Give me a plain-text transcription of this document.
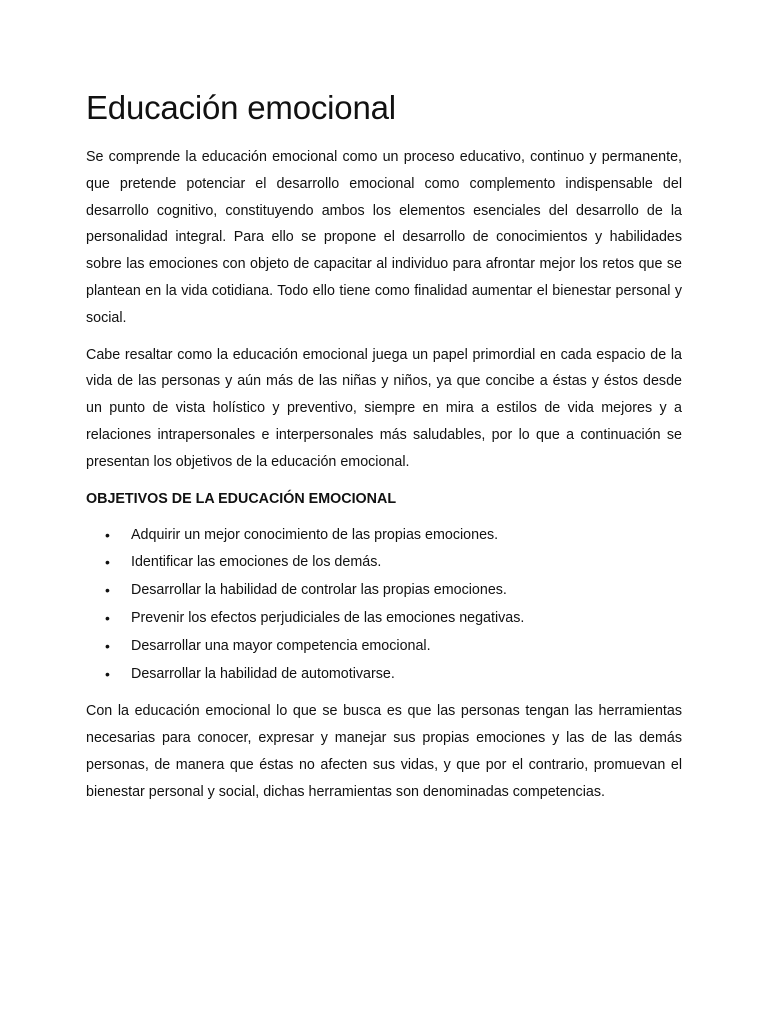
Educación emocional

Se comprende la educación emocional como un proceso educativo, continuo y permanente, que pretende potenciar el desarrollo emocional como complemento indispensable del desarrollo cognitivo, constituyendo ambos los elementos esenciales del desarrollo de la personalidad integral. Para ello se propone el desarrollo de conocimientos y habilidades sobre las emociones con objeto de capacitar al individuo para afrontar mejor los retos que se plantean en la vida cotidiana. Todo ello tiene como finalidad aumentar el bienestar personal y social.

Cabe resaltar como la educación emocional juega un papel primordial en cada espacio de la vida de las personas y aún más de las niñas y niños, ya que concibe a éstas y éstos desde un punto de vista holístico y preventivo, siempre en mira a estilos de vida mejores y a relaciones intrapersonales e interpersonales más saludables, por lo que a continuación se presentan los objetivos de la educación emocional.

OBJETIVOS DE LA EDUCACIÓN EMOCIONAL
• Adquirir un mejor conocimiento de las propias emociones.
• Identificar las emociones de los demás.
• Desarrollar la habilidad de controlar las propias emociones.
• Prevenir los efectos perjudiciales de las emociones negativas.
• Desarrollar una mayor competencia emocional.
• Desarrollar la habilidad de automotivarse.

Con la educación emocional lo que se busca es que las personas tengan las herramientas necesarias para conocer, expresar y manejar sus propias emociones y las de las demás personas, de manera que éstas no afecten sus vidas, y que por el contrario, promuevan el bienestar personal y social, dichas herramientas son denominadas competencias.
